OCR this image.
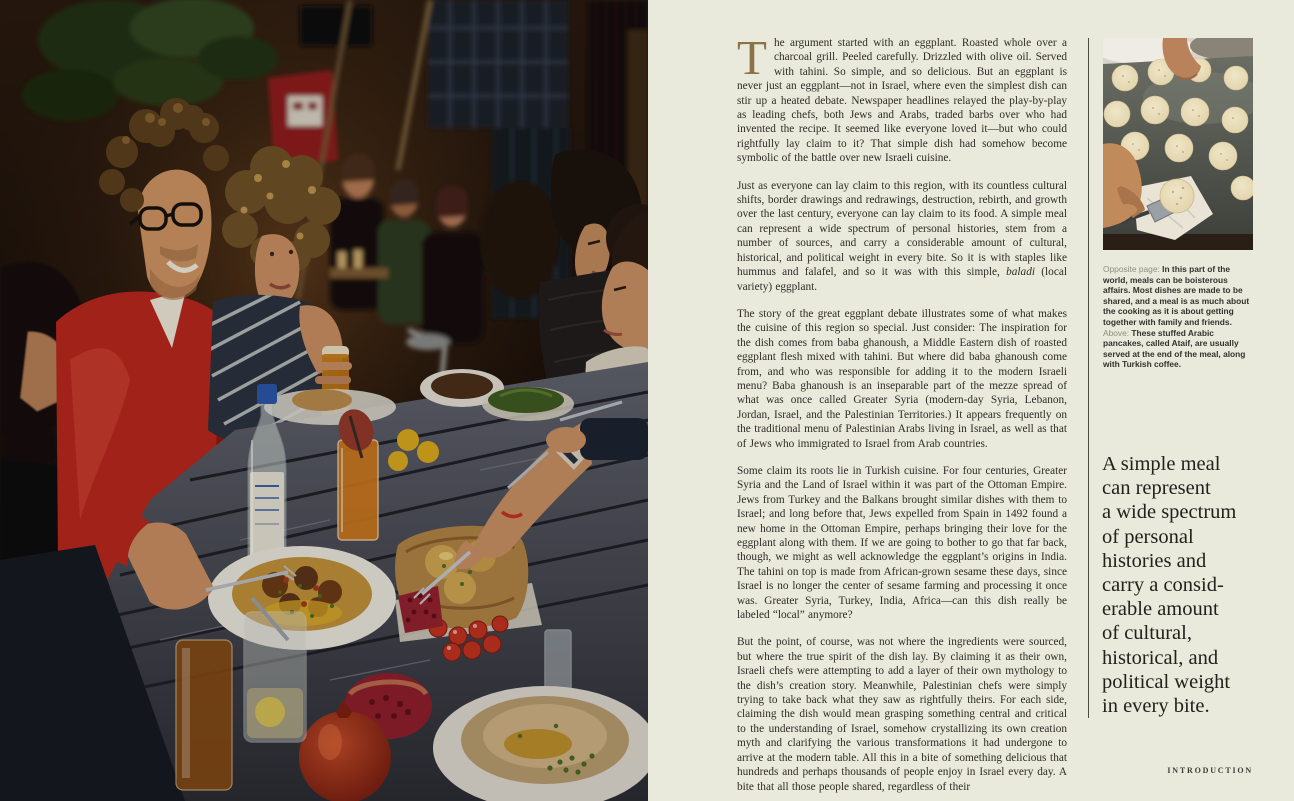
The argument started with an eggplant. Roasted whole over a charcoal grill. Peeled carefully. Drizzled with olive oil. Served with tahini. So simple, and so delicious. But an eggplant is never just an eggplant—not in Israel, where even the simplest dish can stir up a heated debate. Newspaper headlines relayed the play-by-play as leading chefs, both Jews and Arabs, traded barbs over who had invented the recipe. It seemed like everyone loved it—but who could rightfully lay claim to it? That simple dish had somehow become symbolic of the battle over new Israeli cuisine.

Just as everyone can lay claim to this region, with its countless cultural shifts, border drawings and redrawings, destruction, rebirth, and growth over the last century, everyone can lay claim to its food. A simple meal can represent a wide spectrum of personal histories, stem from a number of sources, and carry a considerable amount of cultural, historical, and political weight in every bite. So it is with staples like hummus and falafel, and so it was with this simple, baladi (local variety) eggplant.

The story of the great eggplant debate illustrates some of what makes the cuisine of this region so special. Just consider: The inspiration for the dish comes from baba ghanoush, a Middle Eastern dish of roasted eggplant flesh mixed with tahini. But where did baba ghanoush come from, and who was responsible for adding it to the modern Israeli menu? Baba ghanoush is an inseparable part of the mezze spread of what was once called Greater Syria (modern-day Syria, Lebanon, Jordan, Israel, and the Palestinian Territories.) It appears frequently on the traditional menu of Palestinian Arabs living in Israel, as well as that of Jews who immigrated to Israel from Arab countries.

Some claim its roots lie in Turkish cuisine. For four centuries, Greater Syria and the Land of Israel within it was part of the Ottoman Empire. Jews from Turkey and the Balkans brought similar dishes with them to Israel; and long before that, Jews expelled from Spain in 1492 found a new home in the Ottoman Empire, perhaps bringing their love for the eggplant along with them. If we are going to bother to go that far back, though, we might as well acknowledge the eggplant’s origins in India. The tahini on top is made from African-grown sesame these days, since Israel is no longer the center of sesame farming and processing it once was. Greater Syria, Turkey, India, Africa—can this dish really be labeled “local” anymore?

But the point, of course, was not where the ingredients were sourced, but where the true spirit of the dish lay. By claiming it as their own, Israeli chefs were attempting to add a layer of their own mythology to the dish’s creation story. Meanwhile, Palestinian chefs were simply trying to take back what they saw as rightfully theirs. For each side, claiming the dish would mean grasping something central and critical to the understanding of Israel, somehow crystallizing its own creation myth and clarifying the various transformations it had undergone to arrive at the modern table. All this in a bite of something delicious that hundreds and perhaps thousands of people enjoy in Israel every day. A bite that all those people shared, regardless of their

Opposite page: In this part of the world, meals can be boisterous affairs. Most dishes are made to be shared, and a meal is as much about the cooking as it is about getting together with family and friends. Above: These stuffed Arabic pancakes, called Ataif, are usually served at the end of the meal, along with Turkish coffee.

A simple meal
can represent
a wide spectrum
of personal
histories and
carry a consid-
erable amount
of cultural,
historical, and
political weight
in every bite.
INTRODUCTION
